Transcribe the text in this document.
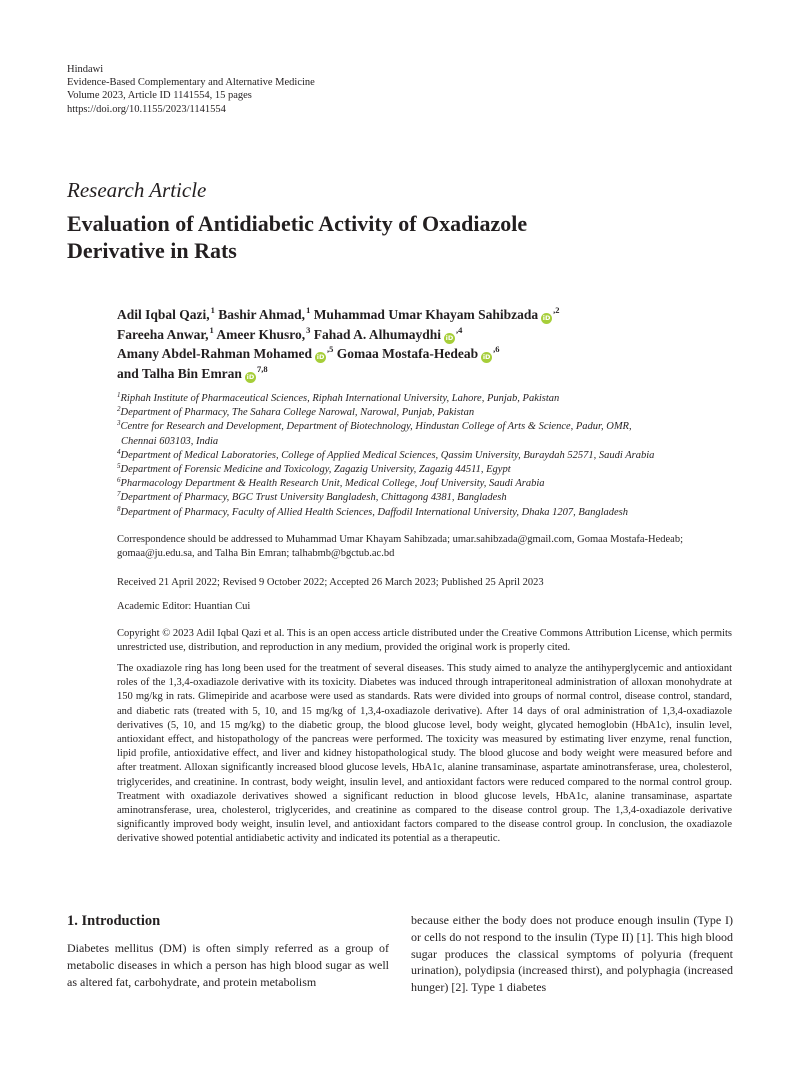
Hindawi
Evidence-Based Complementary and Alternative Medicine
Volume 2023, Article ID 1141554, 15 pages
https://doi.org/10.1155/2023/1141554
Research Article
Evaluation of Antidiabetic Activity of Oxadiazole
Derivative in Rats
Adil Iqbal Qazi,$^1$ Bashir Ahmad,$^1$ Muhammad Umar Khayam Sahibzada iD$^{,2}$
Fareeha Anwar,$^1$ Ameer Khusro,$^3$ Fahad A. Alhumaydhi iD$^{,4}$
Amany Abdel-Rahman Mohamed iD$^{,5}$ Gomaa Mostafa-Hedeab iD$^{,6}$
and Talha Bin Emran iD$^{7,8}$
$^1$Riphah Institute of Pharmaceutical Sciences, Riphah International University, Lahore, Punjab, Pakistan
$^2$Department of Pharmacy, The Sahara College Narowal, Narowal, Punjab, Pakistan
$^3$Centre for Research and Development, Department of Biotechnology, Hindustan College of Arts & Science, Padur, OMR,
Chennai 603103, India
$^4$Department of Medical Laboratories, College of Applied Medical Sciences, Qassim University, Buraydah 52571, Saudi Arabia
$^5$Department of Forensic Medicine and Toxicology, Zagazig University, Zagazig 44511, Egypt
$^6$Pharmacology Department & Health Research Unit, Medical College, Jouf University, Saudi Arabia
$^7$Department of Pharmacy, BGC Trust University Bangladesh, Chittagong 4381, Bangladesh
$^8$Department of Pharmacy, Faculty of Allied Health Sciences, Daffodil International University, Dhaka 1207, Bangladesh
Correspondence should be addressed to Muhammad Umar Khayam Sahibzada; umar.sahibzada@gmail.com, Gomaa Mostafa-Hedeab; gomaa@ju.edu.sa, and Talha Bin Emran; talhabmb@bgctub.ac.bd
Received 21 April 2022; Revised 9 October 2022; Accepted 26 March 2023; Published 25 April 2023
Academic Editor: Huantian Cui
Copyright © 2023 Adil Iqbal Qazi et al. This is an open access article distributed under the Creative Commons Attribution License, which permits unrestricted use, distribution, and reproduction in any medium, provided the original work is properly cited.
The oxadiazole ring has long been used for the treatment of several diseases. This study aimed to analyze the antihyperglycemic and antioxidant roles of the 1,3,4-oxadiazole derivative with its toxicity. Diabetes was induced through intraperitoneal administration of alloxan monohydrate at 150 mg/kg in rats. Glimepiride and acarbose were used as standards. Rats were divided into groups of normal control, disease control, standard, and diabetic rats (treated with 5, 10, and 15 mg/kg of 1,3,4-oxadiazole derivative). After 14 days of oral administration of 1,3,4-oxadiazole derivatives (5, 10, and 15 mg/kg) to the diabetic group, the blood glucose level, body weight, glycated hemoglobin (HbA1c), insulin level, antioxidant effect, and histopathology of the pancreas were performed. The toxicity was measured by estimating liver enzyme, renal function, lipid profile, antioxidative effect, and liver and kidney histopathological study. The blood glucose and body weight were measured before and after treatment. Alloxan significantly increased blood glucose levels, HbA1c, alanine transaminase, aspartate aminotransferase, urea, cholesterol, triglycerides, and creatinine. In contrast, body weight, insulin level, and antioxidant factors were reduced compared to the normal control group. Treatment with oxadiazole derivatives showed a significant reduction in blood glucose levels, HbA1c, alanine transaminase, aspartate aminotransferase, urea, cholesterol, triglycerides, and creatinine as compared to the disease control group. The 1,3,4-oxadiazole derivative significantly improved body weight, insulin level, and antioxidant factors compared to the disease control group. In conclusion, the oxadiazole derivative showed potential antidiabetic activity and indicated its potential as a therapeutic.
1. Introduction
Diabetes mellitus (DM) is often simply referred as a group of metabolic diseases in which a person has high blood sugar as well as altered fat, carbohydrate, and protein metabolism
because either the body does not produce enough insulin (Type I) or cells do not respond to the insulin (Type II) [1]. This high blood sugar produces the classical symptoms of polyuria (frequent urination), polydipsia (increased thirst), and polyphagia (increased hunger) [2]. Type 1 diabetes
